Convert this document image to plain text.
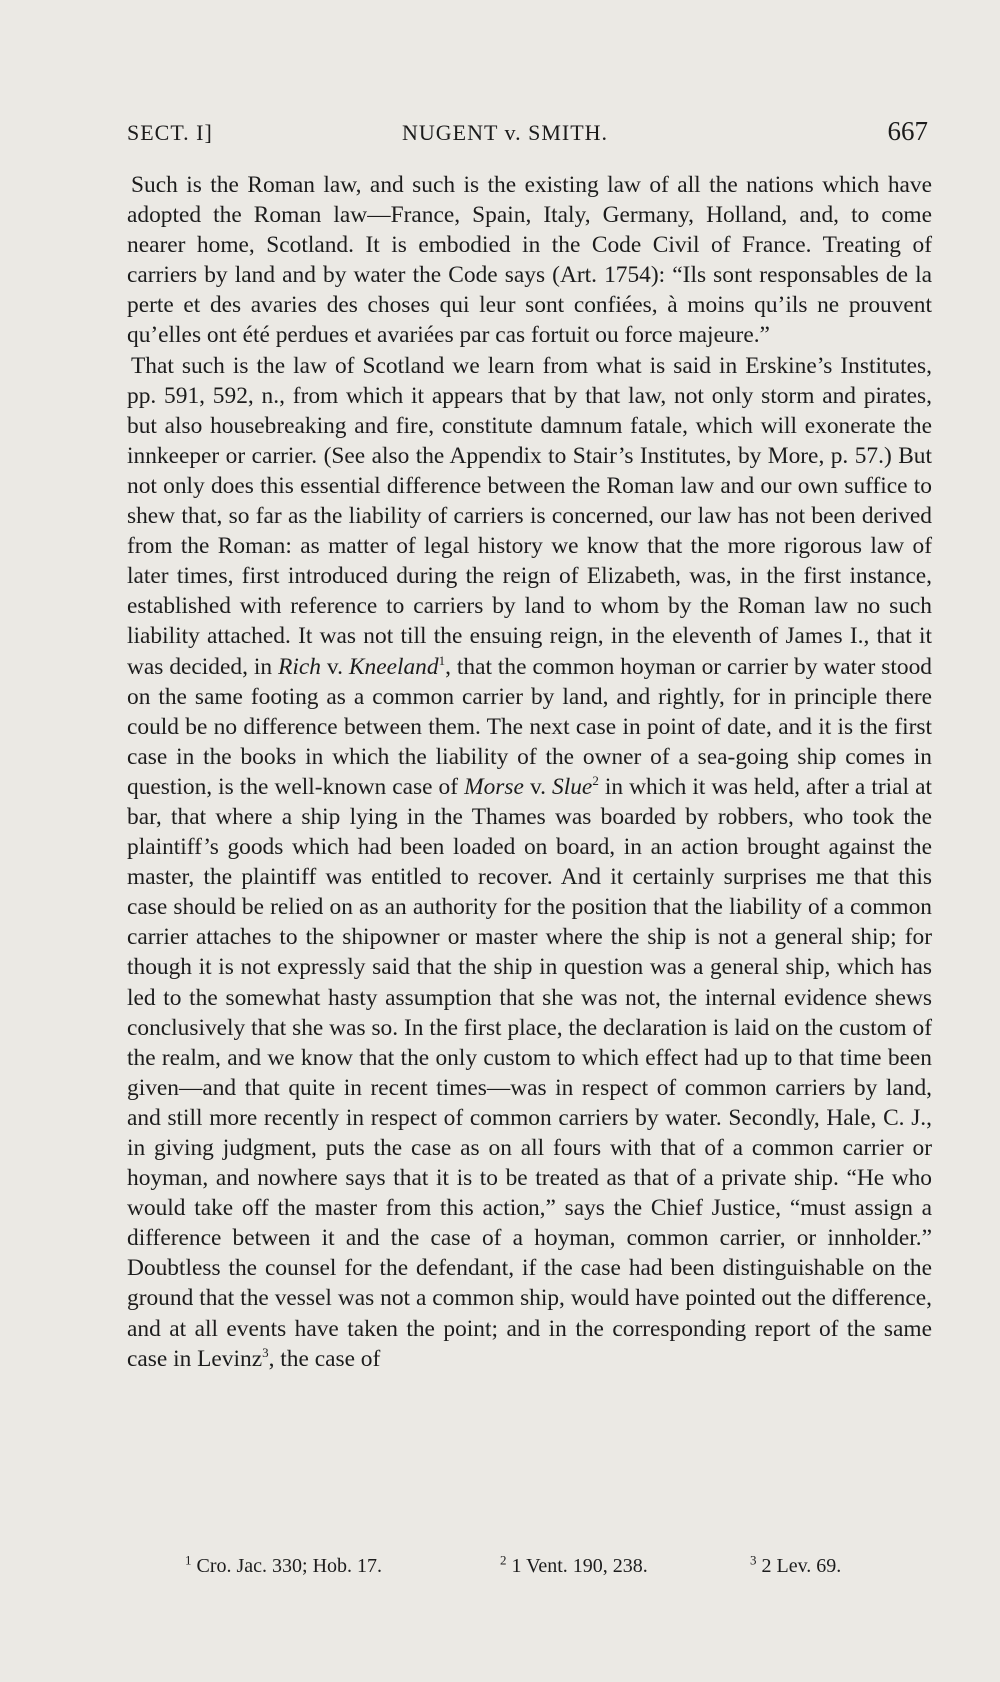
SECT. I]	NUGENT v. SMITH.	667

Such is the Roman law, and such is the existing law of all the nations which have adopted the Roman law—France, Spain, Italy, Germany, Holland, and, to come nearer home, Scotland. It is embodied in the Code Civil of France. Treating of carriers by land and by water the Code says (Art. 1754): “Ils sont responsables de la perte et des avaries des choses qui leur sont confiées, à moins qu’ils ne prouvent qu’elles ont été perdues et avariées par cas fortuit ou force majeure.”

That such is the law of Scotland we learn from what is said in Erskine’s Institutes, pp. 591, 592, n., from which it appears that by that law, not only storm and pirates, but also housebreaking and fire, constitute damnum fatale, which will exonerate the innkeeper or carrier. (See also the Appendix to Stair’s Institutes, by More, p. 57.) But not only does this essential difference between the Roman law and our own suffice to shew that, so far as the liability of carriers is concerned, our law has not been derived from the Roman: as matter of legal history we know that the more rigorous law of later times, first introduced during the reign of Elizabeth, was, in the first instance, established with reference to carriers by land to whom by the Roman law no such liability attached. It was not till the ensuing reign, in the eleventh of James I., that it was decided, in Rich v. Kneeland$^1$, that the common hoyman or carrier by water stood on the same footing as a common carrier by land, and rightly, for in principle there could be no difference between them. The next case in point of date, and it is the first case in the books in which the liability of the owner of a sea-going ship comes in question, is the well-known case of Morse v. Slue$^2$ in which it was held, after a trial at bar, that where a ship lying in the Thames was boarded by robbers, who took the plaintiff’s goods which had been loaded on board, in an action brought against the master, the plaintiff was entitled to recover. And it certainly surprises me that this case should be relied on as an authority for the position that the liability of a common carrier attaches to the shipowner or master where the ship is not a general ship; for though it is not expressly said that the ship in question was a general ship, which has led to the somewhat hasty assumption that she was not, the internal evidence shews conclusively that she was so. In the first place, the declaration is laid on the custom of the realm, and we know that the only custom to which effect had up to that time been given—and that quite in recent times—was in respect of common carriers by land, and still more recently in respect of common carriers by water. Secondly, Hale, C. J., in giving judgment, puts the case as on all fours with that of a common carrier or hoyman, and nowhere says that it is to be treated as that of a private ship. “He who would take off the master from this action,” says the Chief Justice, “must assign a difference between it and the case of a hoyman, common carrier, or innholder.” Doubtless the counsel for the defendant, if the case had been distinguishable on the ground that the vessel was not a common ship, would have pointed out the difference, and at all events have taken the point; and in the corresponding report of the same case in Levinz$^3$, the case of

$^1$ Cro. Jac. 330; Hob. 17.	$^2$ 1 Vent. 190, 238.	$^3$ 2 Lev. 69.
